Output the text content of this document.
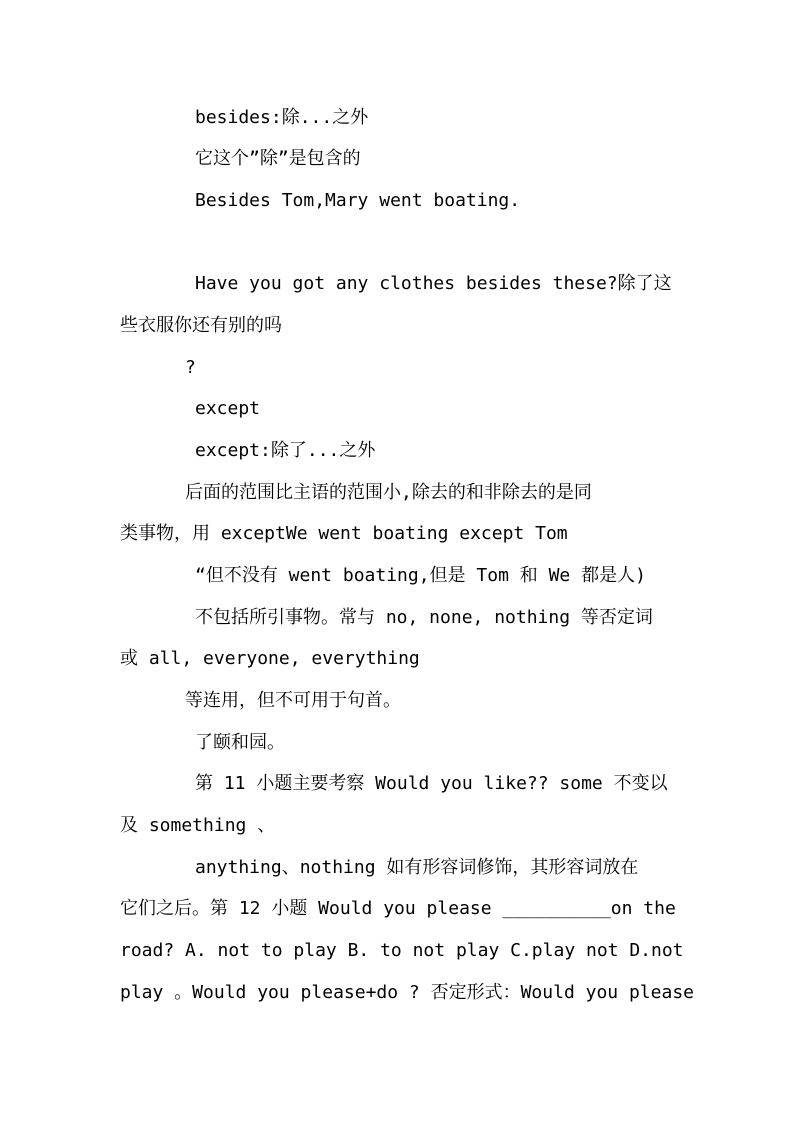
besides:除...之外
它这个”除”是包含的
Besides Tom,Mary went boating.
Have you got any clothes besides these?除了这
些衣服你还有别的吗
?
except
except:除了...之外
后面的范围比主语的范围小,除去的和非除去的是同
类事物，用 exceptWe went boating except Tom
“但不没有 went boating,但是 Tom 和 We 都是人)
不包括所引事物。常与 no, none, nothing 等否定词
或 all, everyone, everything
等连用，但不可用于句首。
了颐和园。
第 11 小题主要考察 Would you like?? some 不变以
及 something 、
anything、nothing 如有形容词修饰，其形容词放在
它们之后。第 12 小题 Would you please __________on the
road? A. not to play B. to not play C.play not D.not
play 。Would you please+do ? 否定形式：Would you please
